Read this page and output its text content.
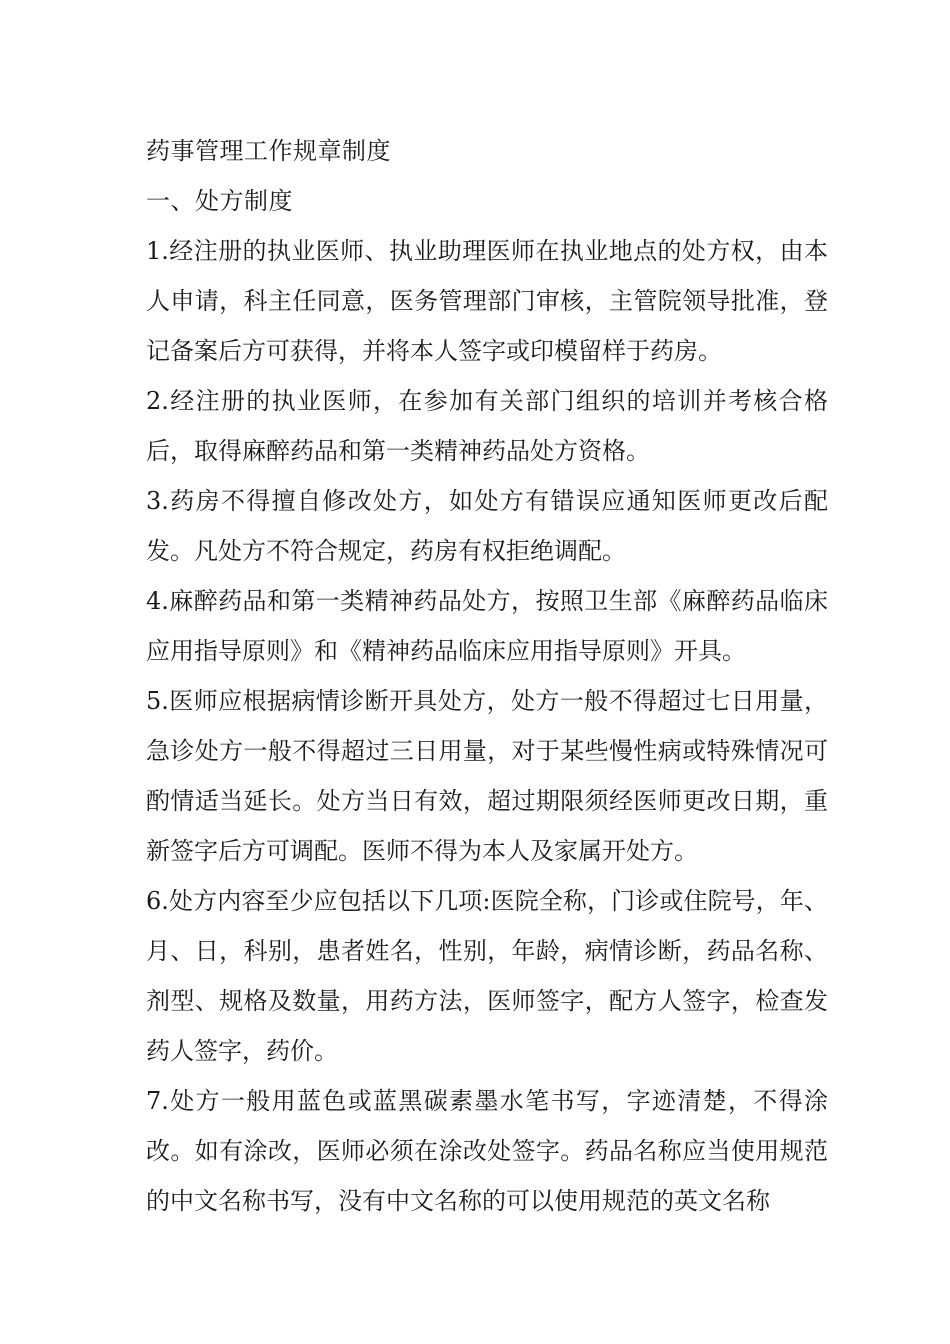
药事管理工作规章制度

一、处方制度

1.经注册的执业医师、执业助理医师在执业地点的处方权，由本人申请，科主任同意，医务管理部门审核，主管院领导批准，登记备案后方可获得，并将本人签字或印模留样于药房。

2.经注册的执业医师，在参加有关部门组织的培训并考核合格后，取得麻醉药品和第一类精神药品处方资格。

3.药房不得擅自修改处方，如处方有错误应通知医师更改后配发。凡处方不符合规定，药房有权拒绝调配。

4.麻醉药品和第一类精神药品处方，按照卫生部《麻醉药品临床应用指导原则》和《精神药品临床应用指导原则》开具。

5.医师应根据病情诊断开具处方，处方一般不得超过七日用量，急诊处方一般不得超过三日用量，对于某些慢性病或特殊情况可酌情适当延长。处方当日有效，超过期限须经医师更改日期，重新签字后方可调配。医师不得为本人及家属开处方。

6.处方内容至少应包括以下几项:医院全称，门诊或住院号，年、月、日，科别，患者姓名，性别，年龄，病情诊断，药品名称、剂型、规格及数量，用药方法，医师签字，配方人签字，检查发药人签字，药价。

7.处方一般用蓝色或蓝黑碳素墨水笔书写，字迹清楚，不得涂改。如有涂改，医师必须在涂改处签字。药品名称应当使用规范的中文名称书写，没有中文名称的可以使用规范的英文名称
